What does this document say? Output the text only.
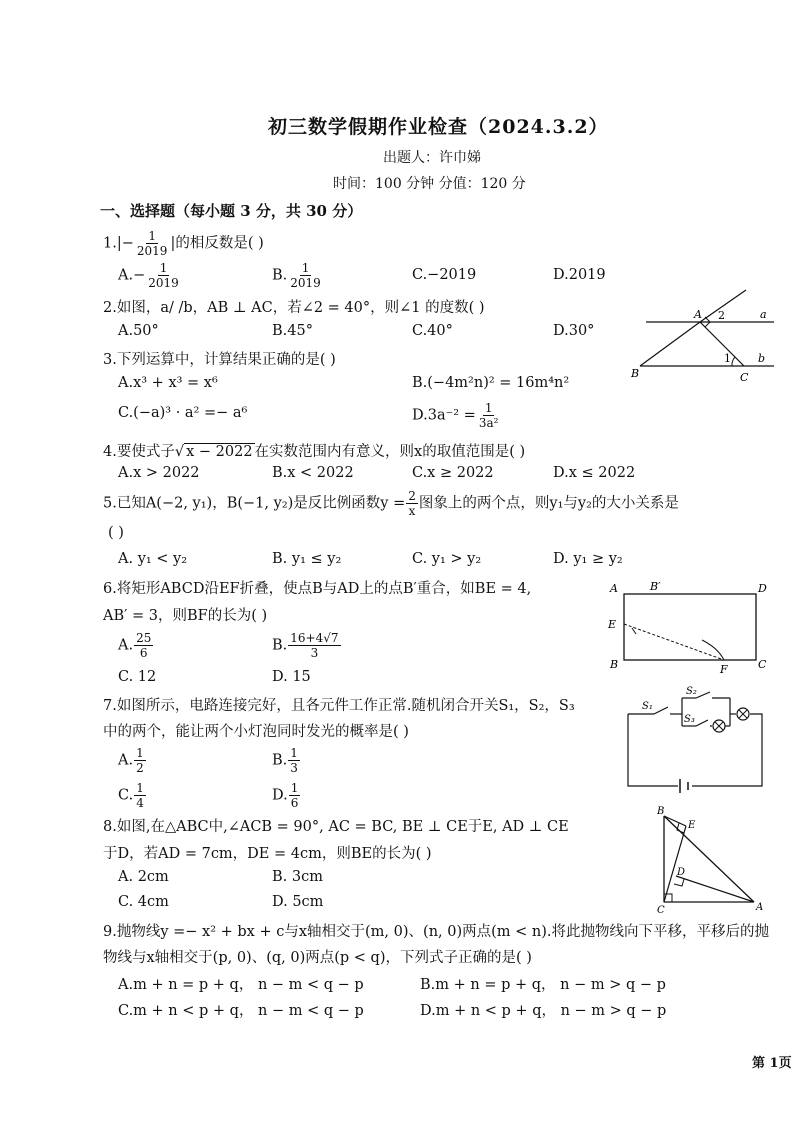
初三数学假期作业检查（2024.3.2）
出题人：许巾娣
时间：100 分钟 分值：120 分
一、选择题（每小题 3 分，共 30 分）
$1.|- \frac{1}{2019}$ |的相反数是( )
$A.- \frac{1}{2019}$	B. $\frac{1}{2019}$	C.−2019	D.2019
2.如图，a/ /b，AB ⊥ AC，若∠2 = 40°，则∠1 的度数( )
A.50°	B.45°	C.40°	D.30°
A 2	a
1 b
B	C
3.下列运算中，计算结果正确的是( )
A.x³ + x³ = x⁶	B.(−4m²n)² = 16m⁴n²
C.(−a)³ · a² =− a⁶	$D.3a^{-2} = \frac{1}{\text{3a²}}$
4.要使式子√ x − 2022 在实数范围内有意义，则x的取值范围是( )
A.x > 2022	B.x < 2022	C.x ≥ 2022	D.x ≤ 2022
5.已知A(−2, y₁)，B(−1, y₂)是反比例函数$y = \frac{2}{x}$ 图象上的两个点，则y₁与y₂的大小关系是
( )
A. y₁ < y₂	B. y₁ ≤ y₂	C. y₁ > y₂	D. y₁ ≥ y₂
6.将矩形ABCD沿EF折叠，使点B与AD上的点B′重合，如BE = 4,
AB′ = 3，则BF的长为( )
A. $\frac{25}{6}$	B. $\frac{16+4√7}{3}$
C. 12	D. 15
A	B′	D
E
B	F	C
7.如图所示，电路连接完好，且各元件工作正常.随机闭合开关S₁，S₂，S₃
中的两个，能让两个小灯泡同时发光的概率是( )
A. $\frac{1}{2}$	B. $\frac{1}{3}$
C. $\frac{1}{4}$	D. $\frac{1}{6}$
S₁
S₂
S₃
8.如图,在△ABC中,∠ACB = 90°, AC = BC, BE ⊥ CE于E, AD ⊥ CE
于D，若AD = 7cm，DE = 4cm，则BE的长为( )
A. 2cm	B. 3cm
C. 4cm	D. 5cm
B
E
D
C	A
9.抛物线y =− x² + bx + c与x轴相交于(m, 0)、(n, 0)两点(m < n).将此抛物线向下平移，平移后的抛
物线与x轴相交于(p, 0)、(q, 0)两点(p < q)，下列式子正确的是( )
A.m + n = p + q， n − m < q − p	B.m + n = p + q， n − m > q − p
C.m + n < p + q， n − m < q − p	D.m + n < p + q， n − m > q − p
第 1页
